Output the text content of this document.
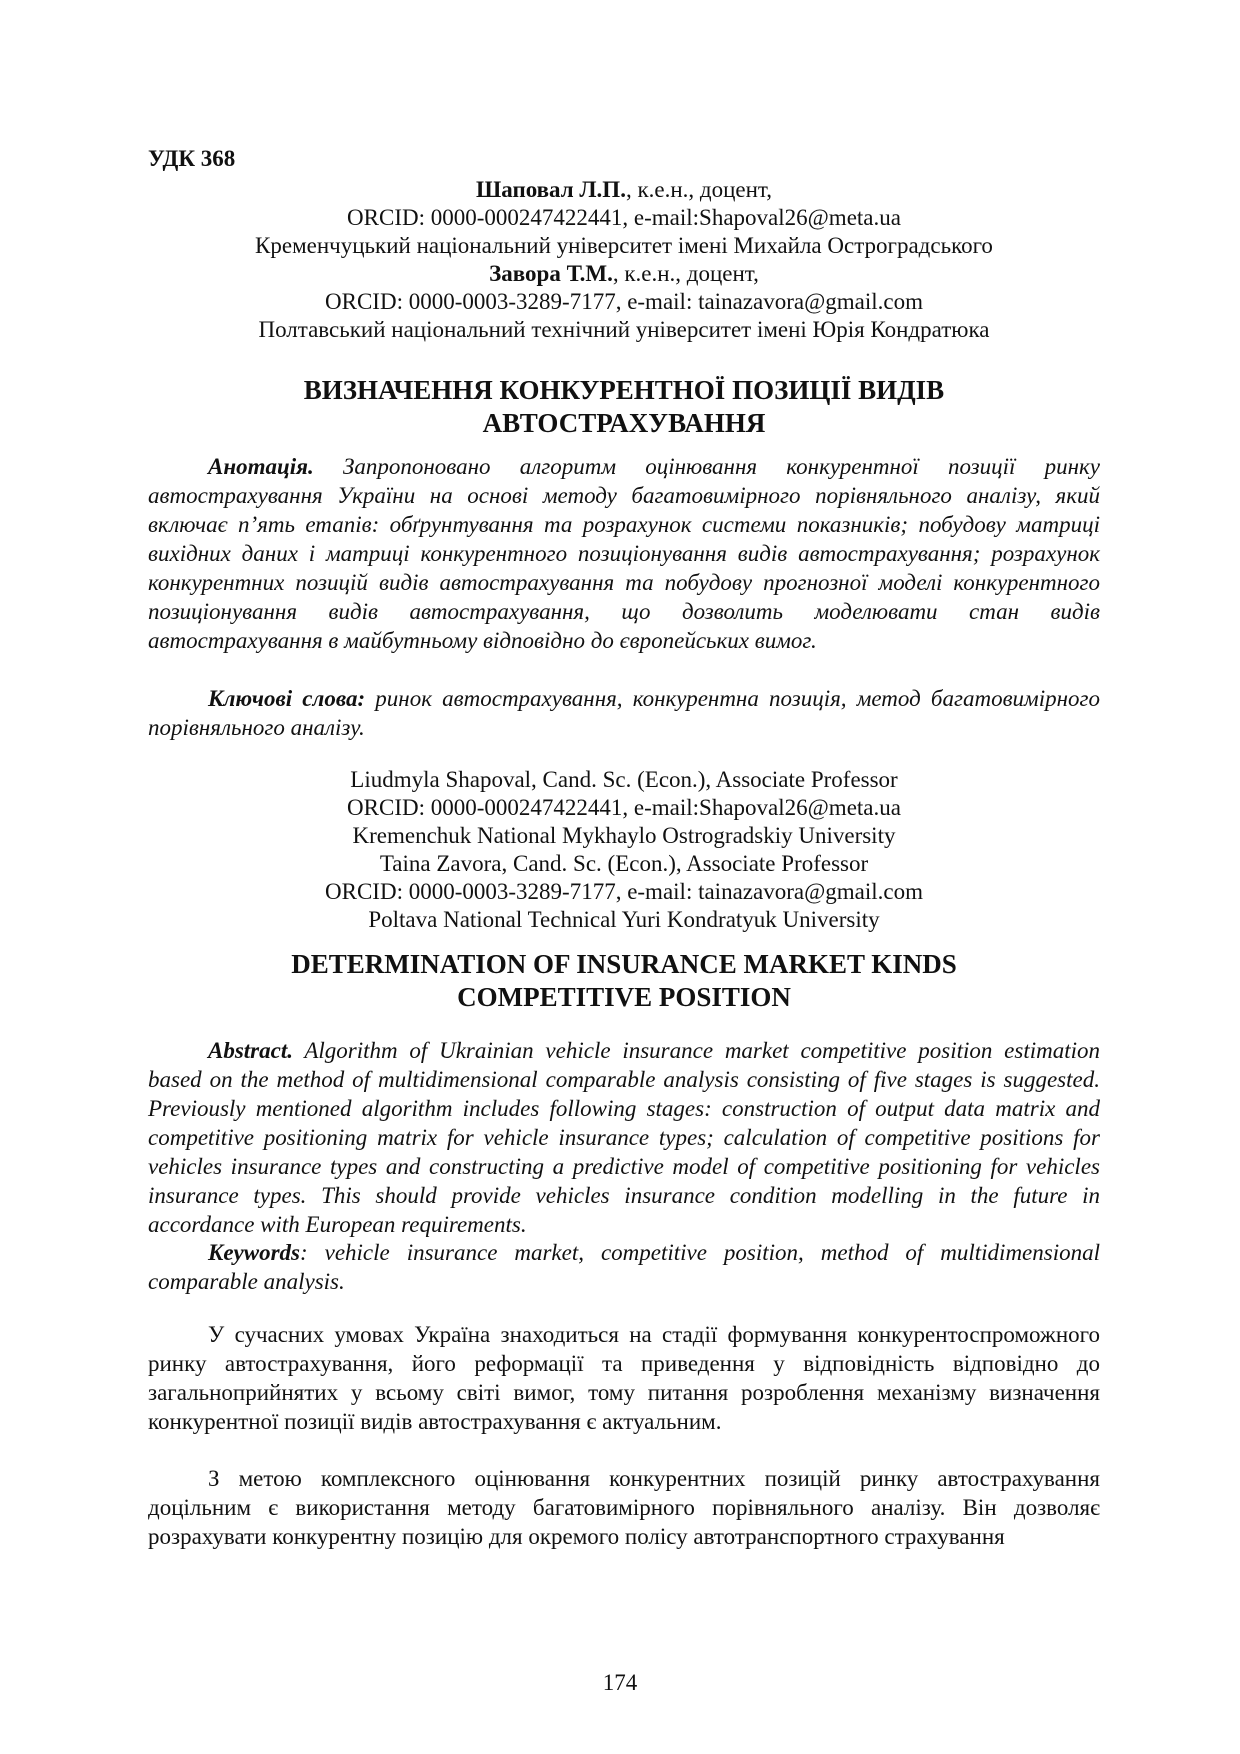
УДК 368
Шаповал Л.П., к.е.н., доцент,
ORCID: 0000-000247422441, e-mail:Shapoval26@meta.ua
Кременчуцький національний університет імені Михайла Остроградського
Завора Т.М., к.е.н., доцент,
ORCID: 0000-0003-3289-7177, e-mail: tainazavora@gmail.com
Полтавський національний технічний університет імені Юрія Кондратюка
ВИЗНАЧЕННЯ КОНКУРЕНТНОЇ ПОЗИЦІЇ ВИДІВ
АВТОСТРАХУВАННЯ
Анотація. Запропоновано алгоритм оцінювання конкурентної позиції ринку автострахування України на основі методу багатовимірного порівняльного аналізу, який включає п’ять етапів: обґрунтування та розрахунок системи показників; побудову матриці вихідних даних і матриці конкурентного позиціонування видів автострахування; розрахунок конкурентних позицій видів автострахування та побудову прогнозної моделі конкурентного позиціонування видів автострахування, що дозволить моделювати стан видів автострахування в майбутньому відповідно до європейських вимог.
Ключові слова: ринок автострахування, конкурентна позиція, метод багатовимірного порівняльного аналізу.
Liudmyla Shapoval, Cand. Sc. (Econ.), Associate Professor
ORCID: 0000-000247422441, e-mail:Shapoval26@meta.ua
Kremenchuk National Mykhaylo Ostrogradskiy University
Taina Zavora, Cand. Sc. (Econ.), Associate Professor
ORCID: 0000-0003-3289-7177, e-mail: tainazavora@gmail.com
Poltava National Technical Yuri Kondratyuk University
DETERMINATION OF INSURANCE MARKET KINDS
COMPETITIVE POSITION
Abstract. Algorithm of Ukrainian vehicle insurance market competitive position estimation based on the method of multidimensional comparable analysis consisting of five stages is suggested. Previously mentioned algorithm includes following stages: construction of output data matrix and competitive positioning matrix for vehicle insurance types; calculation of competitive positions for vehicles insurance types and constructing a predictive model of competitive positioning for vehicles insurance types. This should provide vehicles insurance condition modelling in the future in accordance with European requirements.
Keywords: vehicle insurance market, competitive position, method of multidimensional comparable analysis.
У сучасних умовах Україна знаходиться на стадії формування конкурентоспроможного ринку автострахування, його реформації та приведення у відповідність відповідно до загальноприйнятих у всьому світі вимог, тому питання розроблення механізму визначення конкурентної позиції видів автострахування є актуальним.
З метою комплексного оцінювання конкурентних позицій ринку автострахування доцільним є використання методу багатовимірного порівняльного аналізу. Він дозволяє розрахувати конкурентну позицію для окремого полісу автотранспортного страхування
174
